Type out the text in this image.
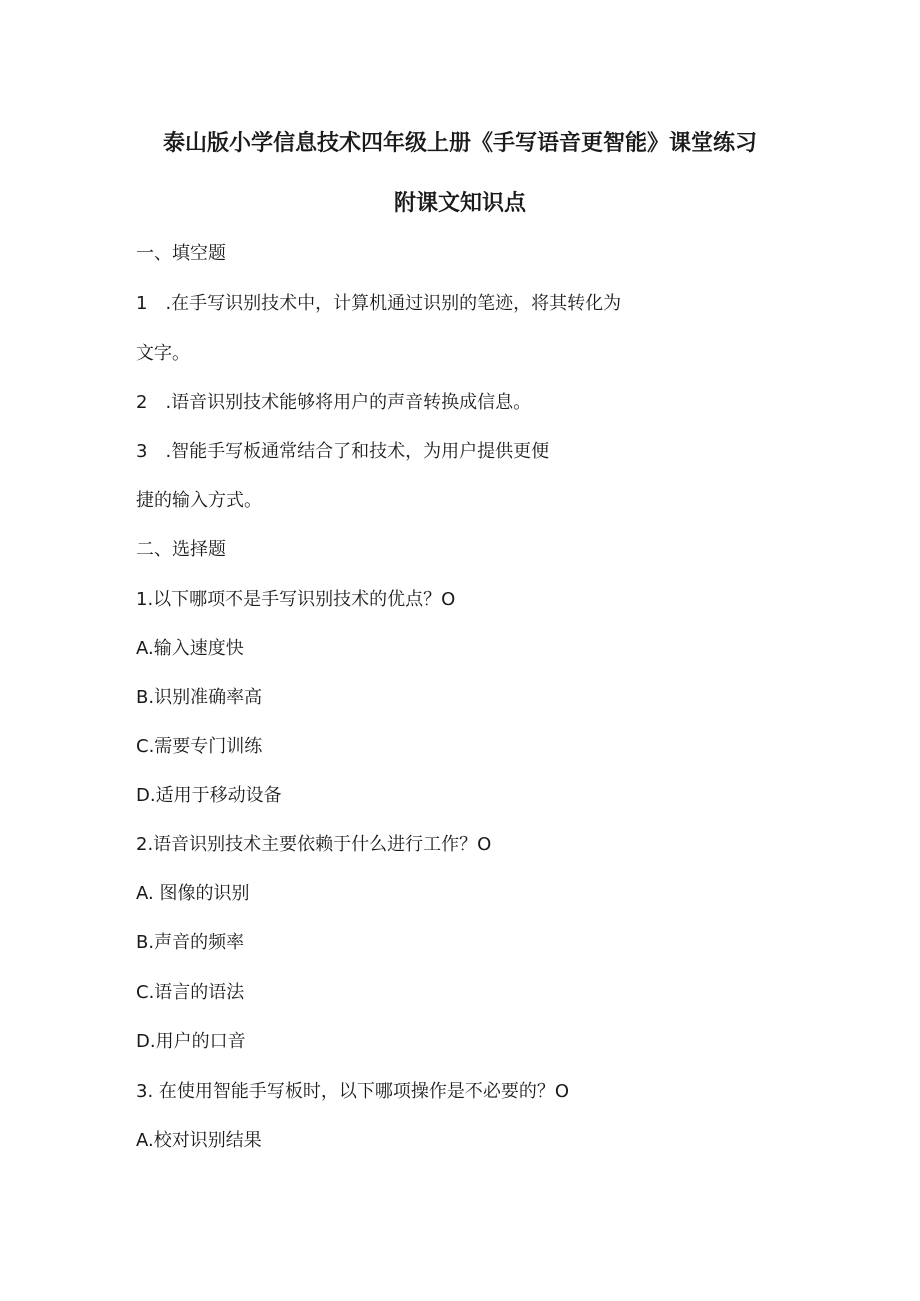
泰山版小学信息技术四年级上册《手写语音更智能》课堂练习
附课文知识点
一、填空题
1　.在手写识别技术中，计算机通过识别的笔迹，将其转化为
文字。
2　.语音识别技术能够将用户的声音转换成信息。
3　.智能手写板通常结合了和技术，为用户提供更便
捷的输入方式。
二、选择题
1.以下哪项不是手写识别技术的优点？O
A.输入速度快
B.识别准确率高
C.需要专门训练
D.适用于移动设备
2.语音识别技术主要依赖于什么进行工作？O
A. 图像的识别
B.声音的频率
C.语言的语法
D.用户的口音
3. 在使用智能手写板时，以下哪项操作是不必要的？O
A.校对识别结果
